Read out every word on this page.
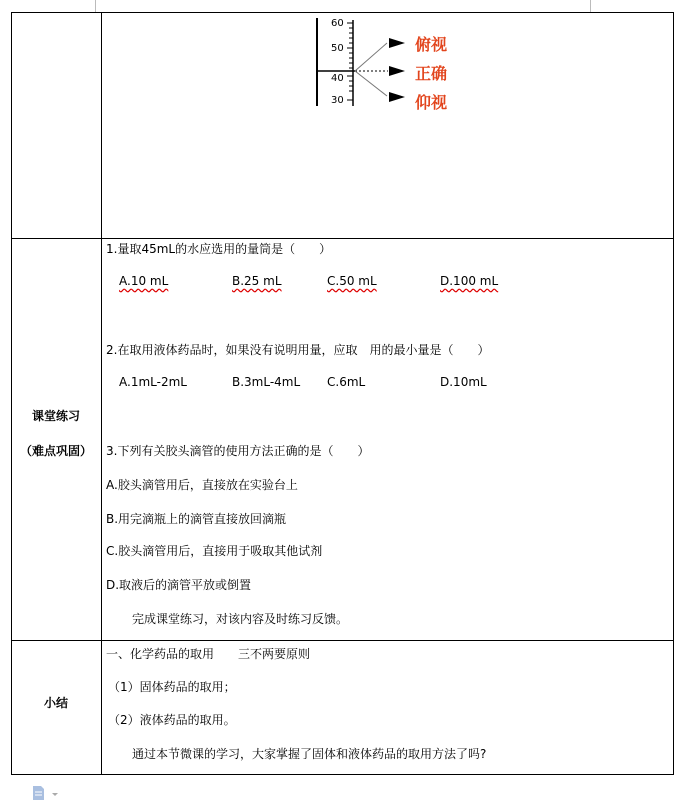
60
50
40
30
俯视
正确
仰视
课堂练习
（难点巩固）
1.量取45mL的水应选用的量筒是（　　）
A.10 mL	B.25 mL	C.50 mL	D.100 mL
2.在取用液体药品时，如果没有说明用量，应取　用的最小量是（　　）
A.1mL-2mL	B.3mL-4mL C.6mL	D.10mL
3.下列有关胶头滴管的使用方法正确的是（　　）
A.胶头滴管用后，直接放在实验台上
B.用完滴瓶上的滴管直接放回滴瓶
C.胶头滴管用后，直接用于吸取其他试剂
D.取液后的滴管平放或倒置
完成课堂练习，对该内容及时练习反馈。
小结
一、化学药品的取用　　三不两要原则
（1）固体药品的取用；
（2）液体药品的取用。
通过本节微课的学习，大家掌握了固体和液体药品的取用方法了吗?
